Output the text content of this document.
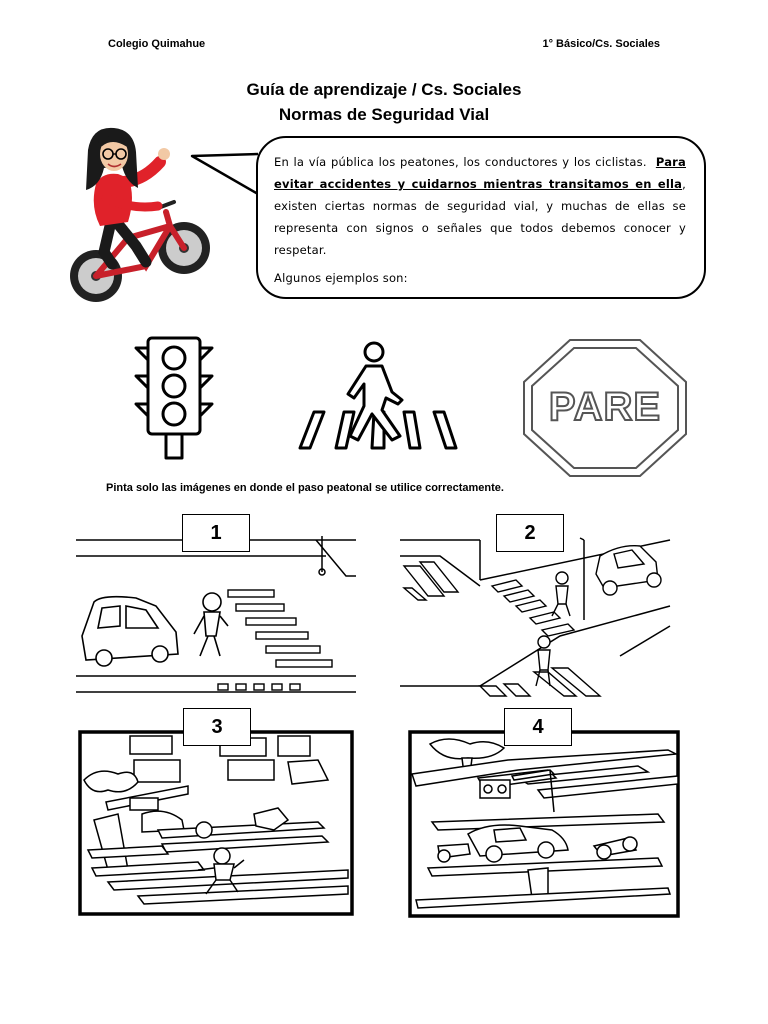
Colegio Quimahue	1° Básico/Cs. Sociales
Guía de aprendizaje / Cs. Sociales
Normas de Seguridad Vial

En la vía pública los peatones, los conductores y los ciclistas. Para evitar accidentes y cuidarnos mientras transitamos en ella, existen ciertas normas de seguridad vial, y muchas de ellas se representa con signos o señales que todos debemos conocer y respetar.

Algunos ejemplos son:

PARE
Pinta solo las imágenes en donde el paso peatonal se utilice correctamente.
1	2
3	4
